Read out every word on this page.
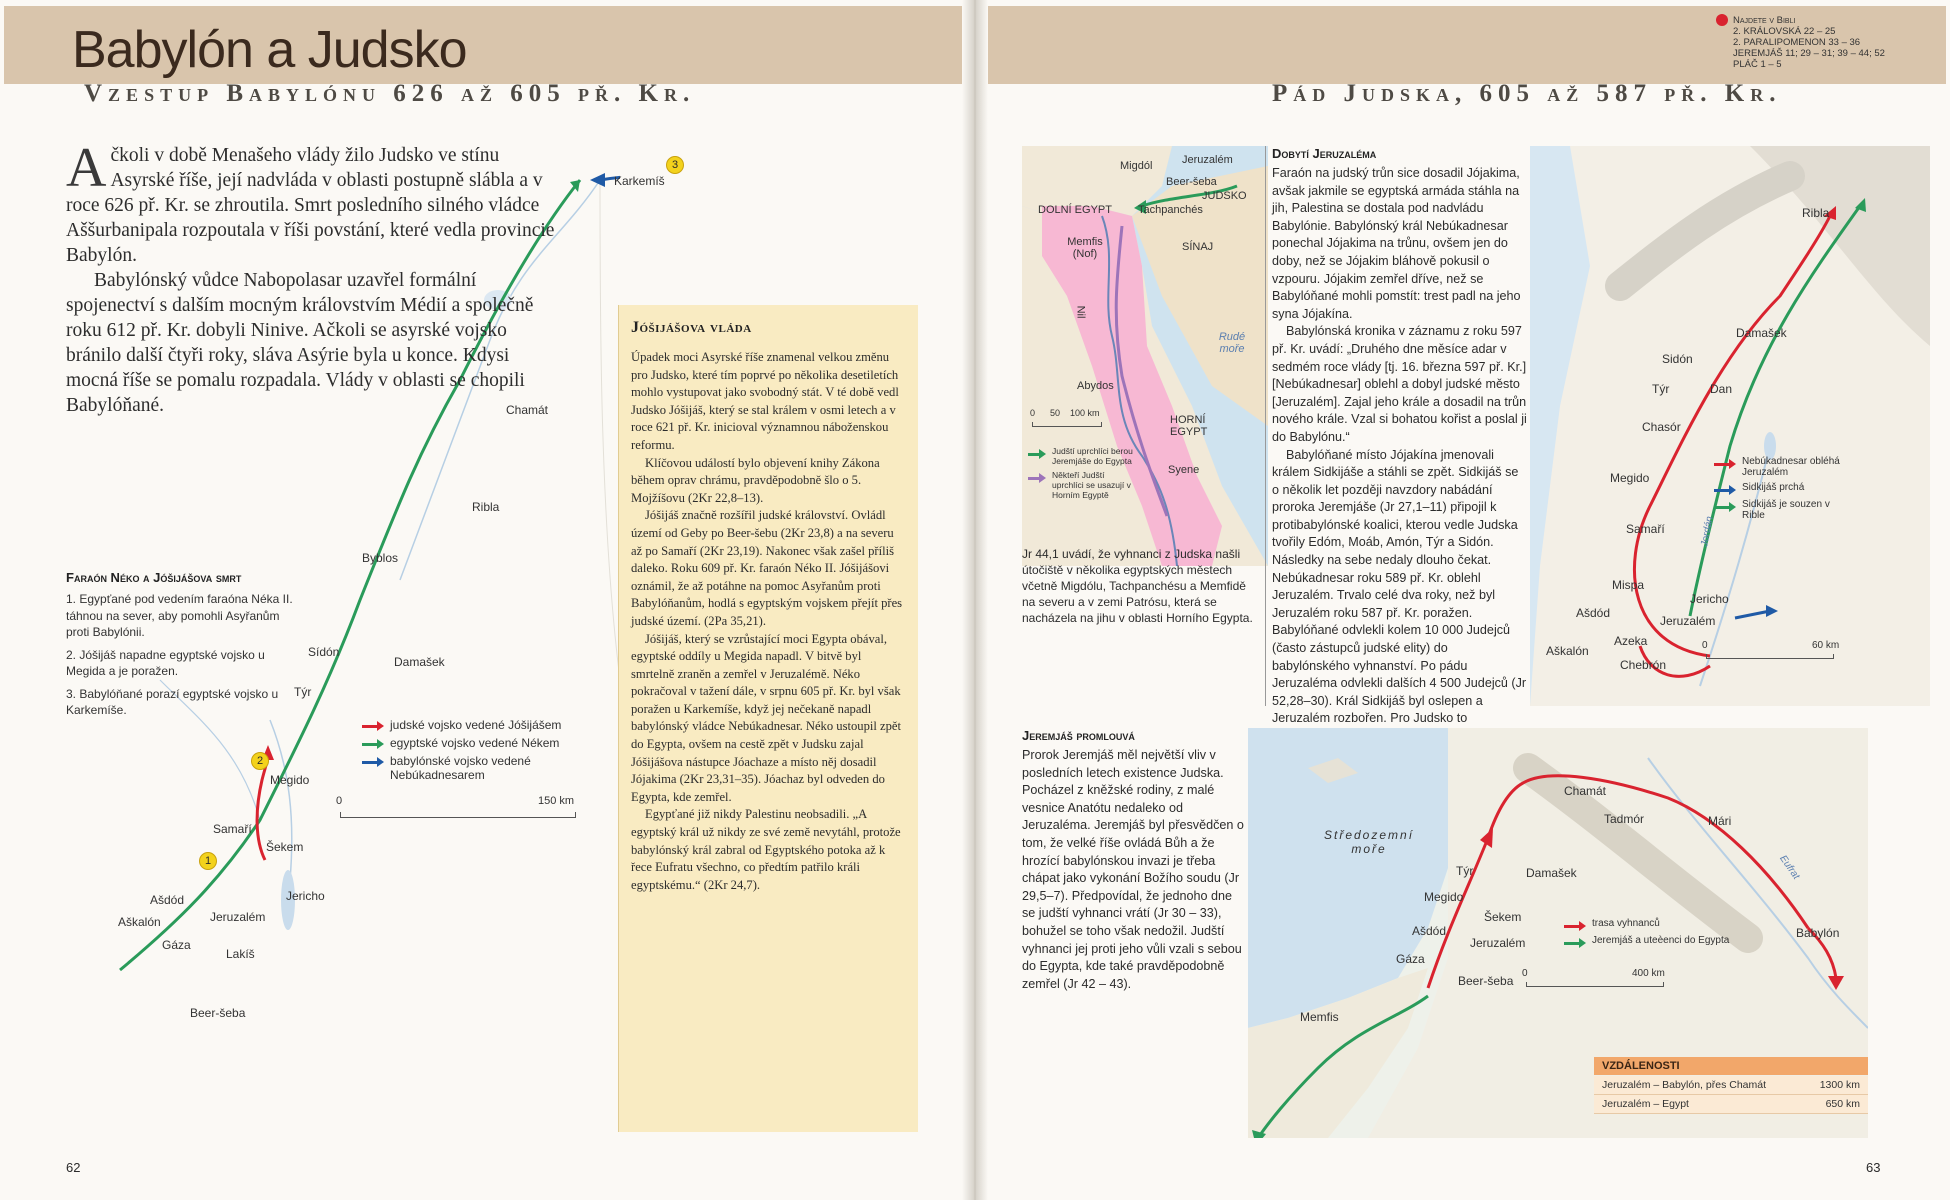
Babylón a Judsko
Vzestup Babylónu 626 až 605 př. Kr.	Pád Judska, 605 až 587 př. Kr.
Najdete v Bibli
2. KRÁLOVSKÁ 22 – 25
2. PARALIPOMENON 33 – 36
JEREMJÁŠ 11; 29 – 31; 39 – 44; 52
PLÁČ 1 – 5

Ačkoli v době Menašeho vlády žilo Judsko ve stínu Asyrské říše, její nadvláda v oblasti postupně slábla a v roce 626 př. Kr. se zhroutila. Smrt posledního silného vládce Aššurbanipala rozpoutala v říši povstání, které vedla provincie Babylón.

Babylónský vůdce Nabopolasar uzavřel formální spojenectví s dalším mocným královstvím Médií a společně roku 612 př. Kr. dobyli Ninive. Ačkoli se asyrské vojsko bránilo další čtyři roky, sláva Asýrie byla u konce. Kdysi mocná říše se pomalu rozpadala. Vlády v oblasti se chopili Babylóňané.

Karkemíš
Chamát
Ribla
Byblos
Sídón
Damašek
Týr
Megido
Samaří
Šekem
Ašdód
Aškalón
Gáza
Jeruzalém
Jericho
Lakíš
Beer-šeba
1
2
3
Faraón Néko a Jóšijášova smrt

1. Egypťané pod vedením faraóna Néka II. táhnou na sever, aby pomohli Asyřanům proti Babylónii.

2. Jóšijáš napadne egyptské vojsko u Megida a je poražen.

3. Babylóňané porazí egyptské vojsko u Karkemíše.

judské vojsko vedené Jóšijášem
egyptské vojsko vedené Nékem
babylónské vojsko vedené Nebúkadnesarem
0	150 km
Jóšijášova vláda

Úpadek moci Asyrské říše znamenal velkou změnu pro Judsko, které tím poprvé po několika desetiletích mohlo vystupovat jako svobodný stát. V té době vedl Judsko Jóšijáš, který se stal králem v osmi letech a v roce 621 př. Kr. inicioval významnou náboženskou reformu.

Klíčovou událostí bylo objevení knihy Zákona během oprav chrámu, pravděpodobně šlo o 5. Mojžíšovu (2Kr 22,8–13).

Jóšijáš značně rozšířil judské království. Ovládl území od Geby po Beer-šebu (2Kr 23,8) a na severu až po Samaří (2Kr 23,19). Nakonec však zašel příliš daleko. Roku 609 př. Kr. faraón Néko II. Jóšijášovi oznámil, že až potáhne na pomoc Asyřanům proti Babylóňanům, hodlá s egyptským vojskem přejít přes judské území. (2Pa 35,21).

Jóšijáš, který se vzrůstající moci Egypta obával, egyptské oddíly u Megida napadl. V bitvě byl smrtelně zraněn a zemřel v Jeruzalémě. Néko pokračoval v tažení dále, v srpnu 605 př. Kr. byl však poražen u Karkemíše, když jej nečekaně napadl babylónský vládce Nebúkadnesar. Néko ustoupil zpět do Egypta, ovšem na cestě zpět v Judsku zajal Jóšijášova nástupce Jóachaze a místo něj dosadil Jójakima (2Kr 23,31–35). Jóachaz byl odveden do Egypta, kde zemřel.

Egypťané již nikdy Palestinu neobsadili. „A egyptský král už nikdy ze své země nevytáhl, protože babylónský král zabral od Egyptského potoka až k řece Eufratu všechno, co předtím patřilo králi egyptskému.“ (2Kr 24,7).

62
Jeruzalém
Migdól
Beer-šeba
DOLNÍ EGYPT Tachpanchés
JUDSKO
Memfis (Nof)
SÍNAJ
Nil
Rudé moře
Abydos
HORNÍ EGYPT
Syene
0 50 100 km
Judští uprchlíci berou Jeremjáše do Egypta
Někteří Judští uprchlíci se usazují v Horním Egyptě
Jr 44,1 uvádí, že vyhnanci z Judska našli útočiště v několika egyptských městech včetně Migdólu, Tachpanchésu a Memfidě na severu a v zemi Patrósu, která se nacházela na jihu v oblasti Horního Egypta.
Dobytí Jeruzaléma

Faraón na judský trůn sice dosadil Jójakima, avšak jakmile se egyptská armáda stáhla na jih, Palestina se dostala pod nadvládu Babylónie. Babylónský král Nebúkadnesar ponechal Jójakima na trůnu, ovšem jen do doby, než se Jójakim bláhově pokusil o vzpouru. Jójakim zemřel dříve, než se Babylóňané mohli pomstít: trest padl na jeho syna Jójakína.

Babylónská kronika v záznamu z roku 597 př. Kr. uvádí: „Druhého dne měsíce adar v sedmém roce vlády [tj. 16. března 597 př. Kr.] [Nebúkadnesar] oblehl a dobyl judské město [Jeruzalém]. Zajal jeho krále a dosadil na trůn nového krále. Vzal si bohatou kořist a poslal ji do Babylónu.“

Babylóňané místo Jójakína jmenovali králem Sidkijáše a stáhli se zpět. Sidkijáš se o několik let později navzdory nabádání proroka Jeremjáše (Jr 27,1–11) připojil k protibabylónské koalici, kterou vedle Judska tvořily Edóm, Moáb, Amón, Týr a Sidón. Následky na sebe nedaly dlouho čekat. Nebúkadnesar roku 589 př. Kr. oblehl Jeruzalém. Trvalo celé dva roky, než byl Jeruzalém roku 587 př. Kr. poražen. Babylóňané odvlekli kolem 10 000 Judejců (často zástupců judské elity) do babylónského vyhnanství. Po pádu Jeruzaléma odvlekli dalších 4 500 Judejců (Jr 52,28–30). Král Sidkijáš byl oslepen a Jeruzalém rozbořen. Pro Judsko to

Ribla
Damašek
Sidón
Týr	Dan
Chasór
Megido
Samaří
Mispa
Jordán
Jericho
Ašdód
Jeruzalém
Azeka
Aškalón
Chebrón
Nebúkadnesar obléhá Jeruzalém
Sidkijáš prchá
Sidkijáš je souzen v Rible
0	60 km
Jeremjáš promlouvá

Prorok Jeremjáš měl největší vliv v posledních letech existence Judska. Pocházel z kněžské rodiny, z malé vesnice Anatótu nedaleko od Jeruzaléma. Jeremjáš byl přesvědčen o tom, že velké říše ovládá Bůh a že hrozící babylónskou invazi je třeba chápat jako vykonání Božího soudu (Jr 29,5–7). Předpovídal, že jednoho dne se judští vyhnanci vrátí (Jr 30 – 33), bohužel se toho však nedožil. Judští vyhnanci jej proti jeho vůli vzali s sebou do Egypta, kde také pravděpodobně zemřel (Jr 42 – 43).

Chamát
Tadmór	Mári
Středozemní moře
Týr	Damašek
Megido
Šekem
Ašdód
Jeruzalém
Gáza
Beer-šeba
Memfis
Babylón
Eufrat
trasa vyhnanců
Jeremjáš a uteèenci do Egypta
0	400 km
VZDÁLENOSTI
Jeruzalém – Babylón, přes Chamát	1300 km
Jeruzalém – Egypt	650 km
63
